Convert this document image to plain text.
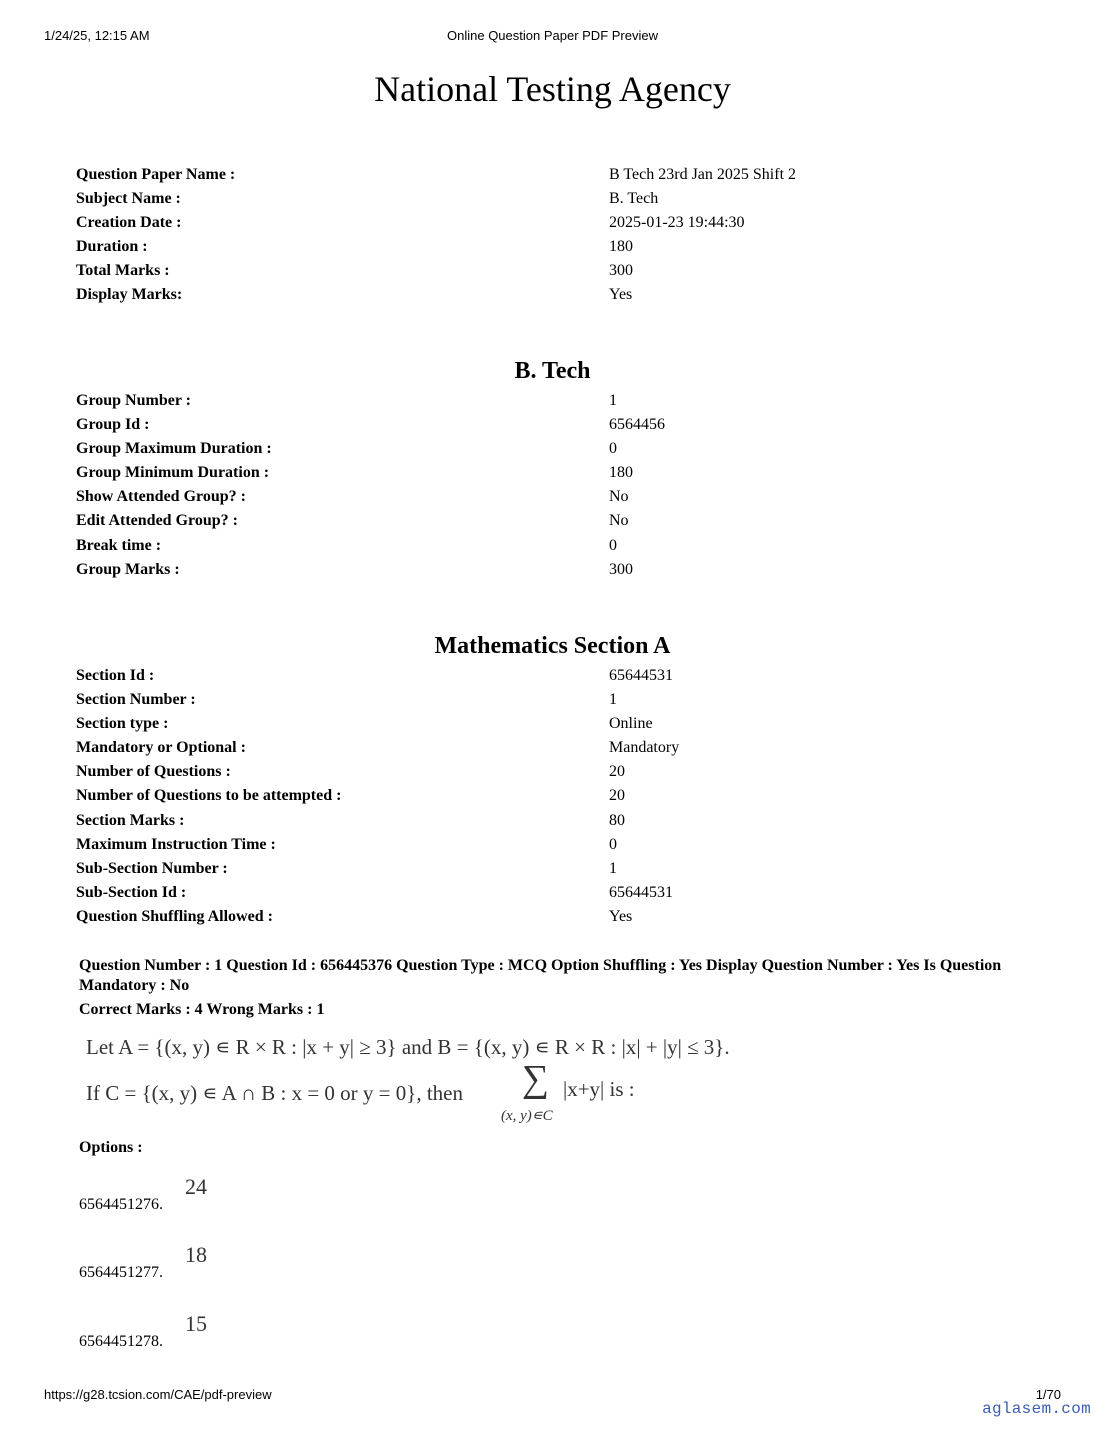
1/24/25, 12:15 AM	Online Question Paper PDF Preview
National Testing Agency
Question Paper Name :	B Tech 23rd Jan 2025 Shift 2
Subject Name :	B. Tech
Creation Date :	2025-01-23 19:44:30
Duration :	180
Total Marks :	300
Display Marks:	Yes
B. Tech
Group Number :	1
Group Id :	6564456
Group Maximum Duration :	0
Group Minimum Duration :	180
Show Attended Group? :	No
Edit Attended Group? :	No
Break time :	0
Group Marks :	300
Mathematics Section A
Section Id :	65644531
Section Number :	1
Section type :	Online
Mandatory or Optional :	Mandatory
Number of Questions :	20
Number of Questions to be attempted :	20
Section Marks :	80
Maximum Instruction Time :	0
Sub-Section Number :	1
Sub-Section Id :	65644531
Question Shuffling Allowed :	Yes
Question Number : 1 Question Id : 656445376 Question Type : MCQ Option Shuffling : Yes Display Question Number : Yes Is Question Mandatory : No
Correct Marks : 4 Wrong Marks : 1
Let A = {(x, y) ∊ R × R : |x + y| ≥ 3} and B = {(x, y) ∊ R × R : |x| + |y| ≤ 3}.
If C = {(x, y) ∊ A ∩ B : x = 0 or y = 0}, then ∑
(x, y)∊C
|x+y| is :
Options :
6564451276.
24
6564451277.
18
6564451278.
15
https://g28.tcsion.com/CAE/pdf-preview	1/70
aglasem.com
